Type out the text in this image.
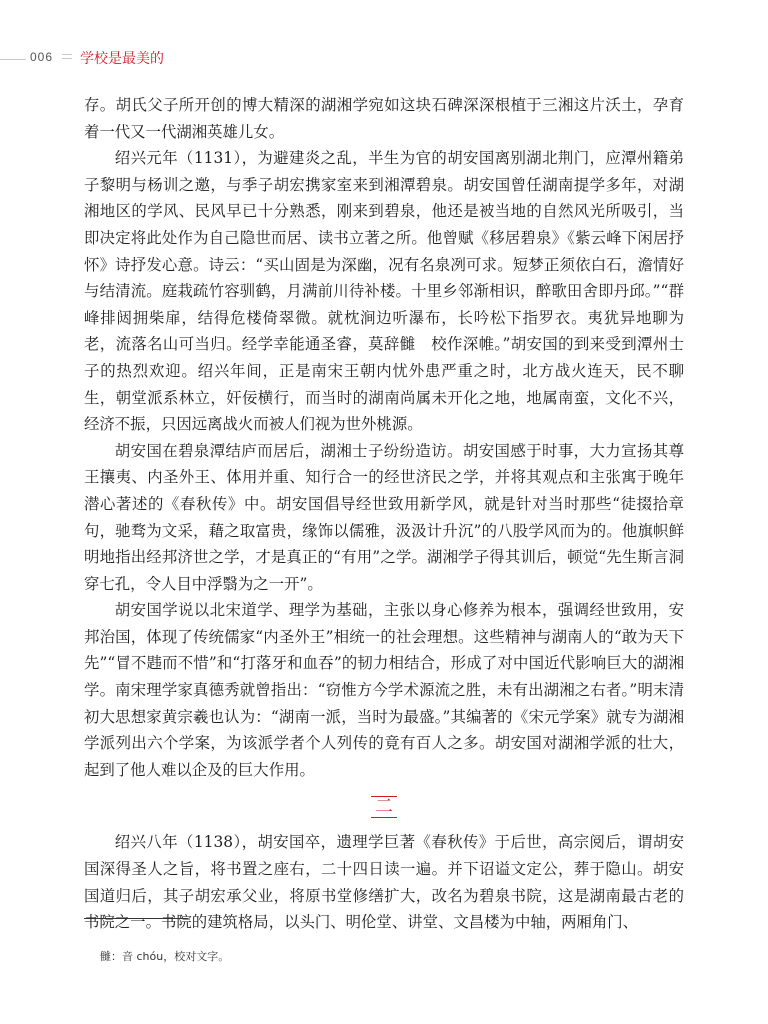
006 学校是最美的

存。胡氏父子所开创的博大精深的湖湘学宛如这块石碑深深根植于三湘这片沃土，孕育着一代又一代湖湘英雄儿女。

绍兴元年（1131），为避建炎之乱，半生为官的胡安国离别湖北荆门，应潭州籍弟子黎明与杨训之邀，与季子胡宏携家室来到湘潭碧泉。胡安国曾任湖南提学多年，对湖湘地区的学风、民风早已十分熟悉，刚来到碧泉，他还是被当地的自然风光所吸引，当即决定将此处作为自己隐世而居、读书立著之所。他曾赋《移居碧泉》《紫云峰下闲居抒怀》诗抒发心意。诗云：“买山固是为深幽，况有名泉冽可求。短梦正须依白石，澹情好与结清流。庭栽疏竹容驯鹤，月满前川待补楼。十里乡邻渐相识，醉歌田舍即丹邱。”“群峰排闼拥柴扉，结得危楼倚翠微。就枕涧边听瀑布，长吟松下指罗衣。夷犹异地聊为老，流落名山可当归。经学幸能通圣睿，莫辞雠　校作深帷。”胡安国的到来受到潭州士子的热烈欢迎。绍兴年间，正是南宋王朝内忧外患严重之时，北方战火连天，民不聊生，朝堂派系林立，奸佞横行，而当时的湖南尚属未开化之地，地属南蛮，文化不兴，经济不振，只因远离战火而被人们视为世外桃源。

胡安国在碧泉潭结庐而居后，湖湘士子纷纷造访。胡安国感于时事，大力宣扬其尊王攘夷、内圣外王、体用并重、知行合一的经世济民之学，并将其观点和主张寓于晚年潜心著述的《春秋传》中。胡安国倡导经世致用新学风，就是针对当时那些“徒掇拾章句，驰骛为文采，藉之取富贵，缘饰以儒雅，汲汲计升沉”的八股学风而为的。他旗帜鲜明地指出经邦济世之学，才是真正的“有用”之学。湖湘学子得其训后，顿觉“先生斯言洞穿七孔，令人目中浮翳为之一开”。

胡安国学说以北宋道学、理学为基础，主张以身心修养为根本，强调经世致用，安邦治国，体现了传统儒家“内圣外王”相统一的社会理想。这些精神与湖南人的“敢为天下先”“冒不韪而不惜”和“打落牙和血吞”的韧力相结合，形成了对中国近代影响巨大的湖湘学。南宋理学家真德秀就曾指出：“窃惟方今学术源流之胜，未有出湖湘之右者。”明末清初大思想家黄宗羲也认为：“湖南一派，当时为最盛。”其编著的《宋元学案》就专为湖湘学派列出六个学案，为该派学者个人列传的竟有百人之多。胡安国对湖湘学派的壮大，起到了他人难以企及的巨大作用。

二

绍兴八年（1138），胡安国卒，遗理学巨著《春秋传》于后世，高宗阅后，谓胡安国深得圣人之旨，将书置之座右，二十四日读一遍。并下诏谥文定公，葬于隐山。胡安国道归后，其子胡宏承父业，将原书堂修缮扩大，改名为碧泉书院，这是湖南最古老的书院之一。书院的建筑格局，以头门、明伦堂、讲堂、文昌楼为中轴，两厢角门、

雠：音 chóu，校对文字。
